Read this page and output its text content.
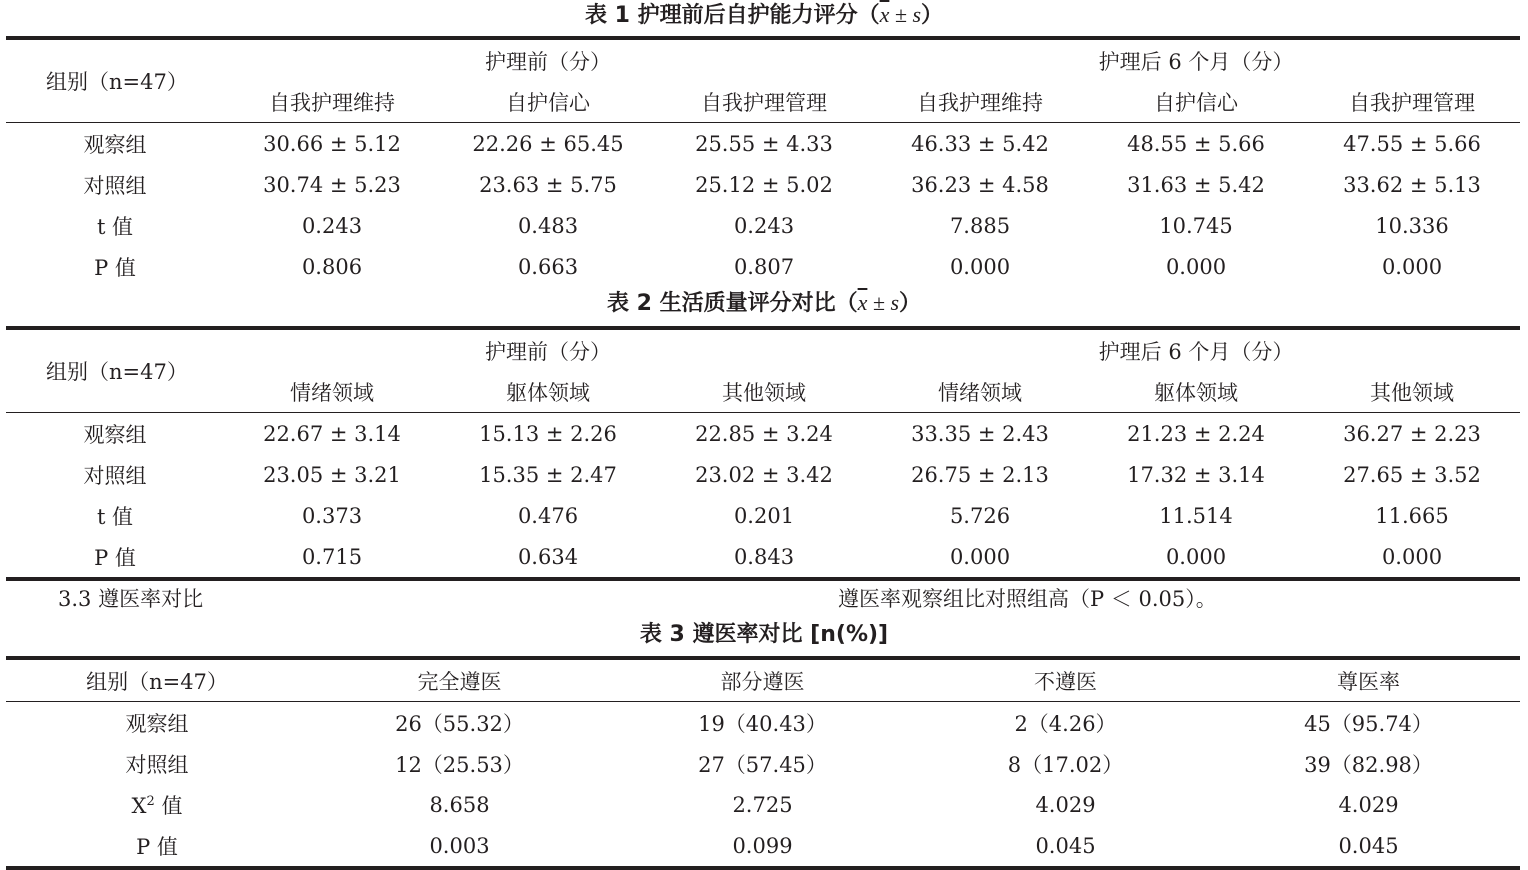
表 1 护理前后自护能力评分$(\overline{x} \pm s)$
组别（n=47）	护理前（分）			护理后 6 个月（分）		
	自我护理维持	自护信心	自我护理管理	自我护理维持	自护信心	自我护理管理
观察组	30.66 ± 5.12	22.26 ± 65.45	25.55 ± 4.33	46.33 ± 5.42	48.55 ± 5.66	47.55 ± 5.66
对照组	30.74 ± 5.23	23.63 ± 5.75	25.12 ± 5.02	36.23 ± 4.58	31.63 ± 5.42	33.62 ± 5.13
t 值	0.243	0.483	0.243	7.885	10.745	10.336
P 值	0.806	0.663	0.807	0.000	0.000	0.000
表 2 生活质量评分对比$(\overline{x} \pm s)$
组别（n=47）	护理前（分）			护理后 6 个月（分）		
	情绪领域	躯体领域	其他领域	情绪领域	躯体领域	其他领域
观察组	22.67 ± 3.14	15.13 ± 2.26	22.85 ± 3.24	33.35 ± 2.43	21.23 ± 2.24	36.27 ± 2.23
对照组	23.05 ± 3.21	15.35 ± 2.47	23.02 ± 3.42	26.75 ± 2.13	17.32 ± 3.14	27.65 ± 3.52
t 值	0.373	0.476	0.201	5.726	11.514	11.665
P 值	0.715	0.634	0.843	0.000	0.000	0.000
3.3 遵医率对比	遵医率观察组比对照组高（P ＜ 0.05）。
表 3 遵医率对比 [n(%)]
组别（n=47）	完全遵医	部分遵医	不遵医	尊医率
观察组	26（55.32）	19（40.43）	2（4.26）	45（95.74）
对照组	12（25.53）	27（57.45）	8（17.02）	39（82.98）
$X^2$ 值	8.658	2.725	4.029	4.029
P 值	0.003	0.099	0.045	0.045
